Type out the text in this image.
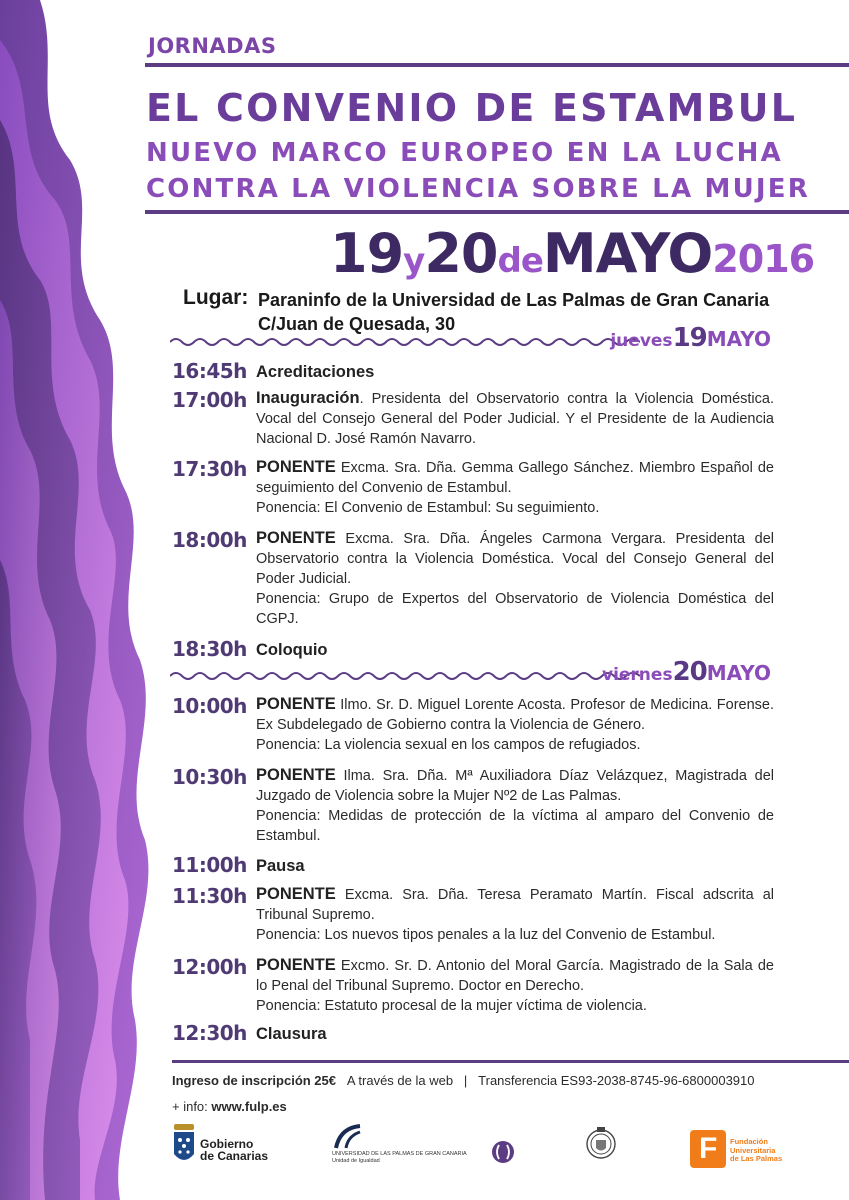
JORNADAS
EL CONVENIO DE ESTAMBUL
NUEVO MARCO EUROPEO EN LA LUCHA
CONTRA LA VIOLENCIA SOBRE LA MUJER
19y20deMAYO2016
Lugar: Paraninfo de la Universidad de Las Palmas de Gran Canaria
C/Juan de Quesada, 30
jueves19MAYO
16:45h Acreditaciones

17:00h Inauguración. Presidenta del Observatorio contra la Violencia Doméstica. Vocal del Consejo General del Poder Judicial. Y el Presidente de la Audiencia Nacional D. José Ramón Navarro.

17:30h PONENTE Excma. Sra. Dña. Gemma Gallego Sánchez. Miembro Español de seguimiento del Convenio de Estambul.

Ponencia: El Convenio de Estambul: Su seguimiento.

18:00h PONENTE Excma. Sra. Dña. Ángeles Carmona Vergara. Presidenta del Observatorio contra la Violencia Doméstica. Vocal del Consejo General del Poder Judicial.

Ponencia: Grupo de Expertos del Observatorio de Violencia Doméstica del CGPJ.

18:30h Coloquio

viernes20MAYO
10:00h PONENTE Ilmo. Sr. D. Miguel Lorente Acosta. Profesor de Medicina. Forense. Ex Subdelegado de Gobierno contra la Violencia de Género.

Ponencia: La violencia sexual en los campos de refugiados.

10:30h PONENTE Ilma. Sra. Dña. Mª Auxiliadora Díaz Velázquez, Magistrada del Juzgado de Violencia sobre la Mujer Nº2 de Las Palmas.

Ponencia: Medidas de protección de la víctima al amparo del Convenio de Estambul.

11:00h Pausa

11:30h PONENTE Excma. Sra. Dña. Teresa Peramato Martín. Fiscal adscrita al Tribunal Supremo.

Ponencia: Los nuevos tipos penales a la luz del Convenio de Estambul.

12:00h PONENTE Excmo. Sr. D. Antonio del Moral García. Magistrado de la Sala de lo Penal del Tribunal Supremo. Doctor en Derecho.

Ponencia: Estatuto procesal de la mujer víctima de violencia.

12:30h Clausura

Ingreso de inscripción 25€ A través de la web | Transferencia ES93-2038-8745-96-6800003910
+ info: www.fulp.es
Gobierno
de Canarias	UNIVERSIDAD DE LAS PALMAS DE GRAN CANARIA
Unidad de Igualdad	F Fundación
Universitaria
de Las Palmas
